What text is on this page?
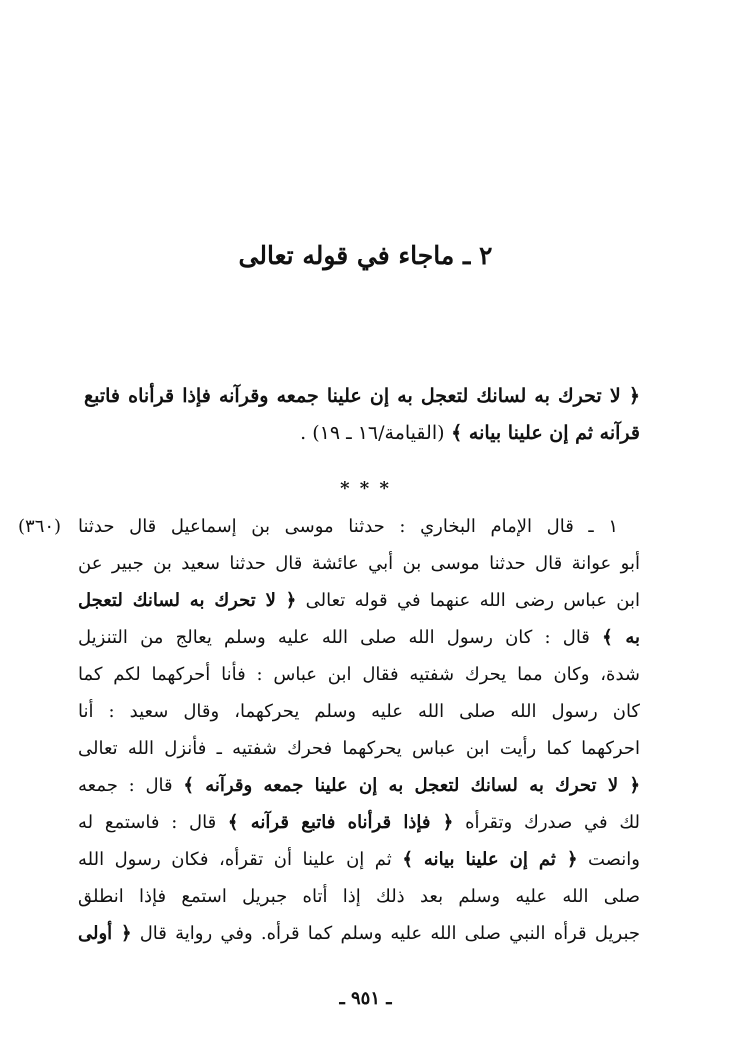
٢ ـ ماجاء في قوله تعالى
﴿ لا تحرك به لسانك لتعجل به إن علينا جمعه وقرآنه فإذا قرأناه فاتبع قرآنه ثم إن علينا بيانه ﴾ (القيامة/١٦ ـ ١٩) .
* * *
(٣٦٠) ١ ـ قال الإمام البخاري : حدثنا موسى بن إسماعيل قال حدثنا
أبو عوانة قال حدثنا موسى بن أبي عائشة قال حدثنا سعيد بن جبير عن
ابن عباس رضى الله عنهما في قوله تعالى ﴿ لا تحرك به لسانك لتعجل
به ﴾ قال : كان رسول الله صلى الله عليه وسلم يعالج من التنزيل
شدة، وكان مما يحرك شفتيه فقال ابن عباس : فأنا أحركهما لكم كما
كان رسول الله صلى الله عليه وسلم يحركهما، وقال سعيد : أنا
احركهما كما رأيت ابن عباس يحركهما فحرك شفتيه ـ فأنزل الله تعالى
﴿ لا تحرك به لسانك لتعجل به إن علينا جمعه وقرآنه ﴾ قال : جمعه
لك في صدرك وتقرأه ﴿ فإذا قرأناه فاتبع قرآنه ﴾ قال : فاستمع له
وانصت ﴿ ثم إن علينا بيانه ﴾ ثم إن علينا أن تقرأه، فكان رسول الله
صلى الله عليه وسلم بعد ذلك إذا أتاه جبريل استمع فإذا انطلق
جبريل قرأه النبي صلى الله عليه وسلم كما قرأه. وفي رواية قال ﴿ أولى
ـ ٩٥١ ـ
